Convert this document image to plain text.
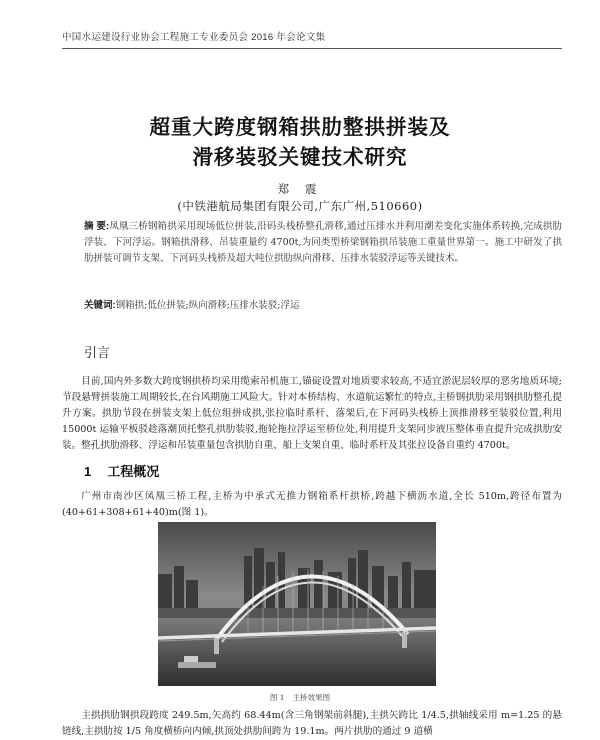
中国水运建设行业协会工程施工专业委员会 2016 年会论文集
超重大跨度钢箱拱肋整拱拼装及
滑移装驳关键技术研究
郑 震
(中铁港航局集团有限公司,广东广州,510660)
摘 要:凤凰三桥钢箱拱采用现场低位拼装,沿码头栈桥整孔滑移,通过压排水并利用潮差变化实施体系转换,完成拱肋浮装、下河浮运。钢箱拱滑移、吊装重量约 4700t,为同类型桥梁钢箱拱吊装施工重量世界第一。施工中研发了拱肋拼装可调节支架、下河码头栈桥及超大吨位拱肋纵向滑移、压排水装驳浮运等关键技术。
关键词:钢箱拱;低位拼装;纵向滑移;压排水装驳;浮运
引言
目前,国内外多数大跨度钢拱桥均采用缆索吊机施工,锚碇设置对地质要求较高,不适宜淤泥层较厚的恶劣地质环境;节段悬臂拼装施工周期较长,在台风期施工风险大。针对本桥结构、水道航运繁忙的特点,主桥钢拱肋采用钢拱肋整孔提升方案。拱肋节段在拼装支架上低位组拼成拱,张拉临时系杆、落架后,在下河码头栈桥上顶推滑移至装驳位置,利用 15000t 运输平板驳趁落潮顶托整孔拱肋装驳,拖轮拖拉浮运至桥位处,利用提升支架同步液压整体垂直提升完成拱肋安装。整孔拱肋滑移、浮运和吊装重量包含拱肋自重、船上支架自重、临时系杆及其张拉设备自重约 4700t。
1 工程概况
广州市南沙区凤凰三桥工程,主桥为中承式无推力钢箱系杆拱桥,跨越下横沥水道,全长 510m,跨径布置为(40+61+308+61+40)m(图 1)。
图 1 主桥效果图
主拱拱肋钢拱段跨度 249.5m,矢高约 68.44m(含三角钢架前斜腿),主拱矢跨比 1/4.5,拱轴线采用 m=1.25 的悬链线,主拱肋按 1/5 角度横桥向内倾,拱顶处拱肋间跨为 19.1m。两片拱肋的通过 9 道横
